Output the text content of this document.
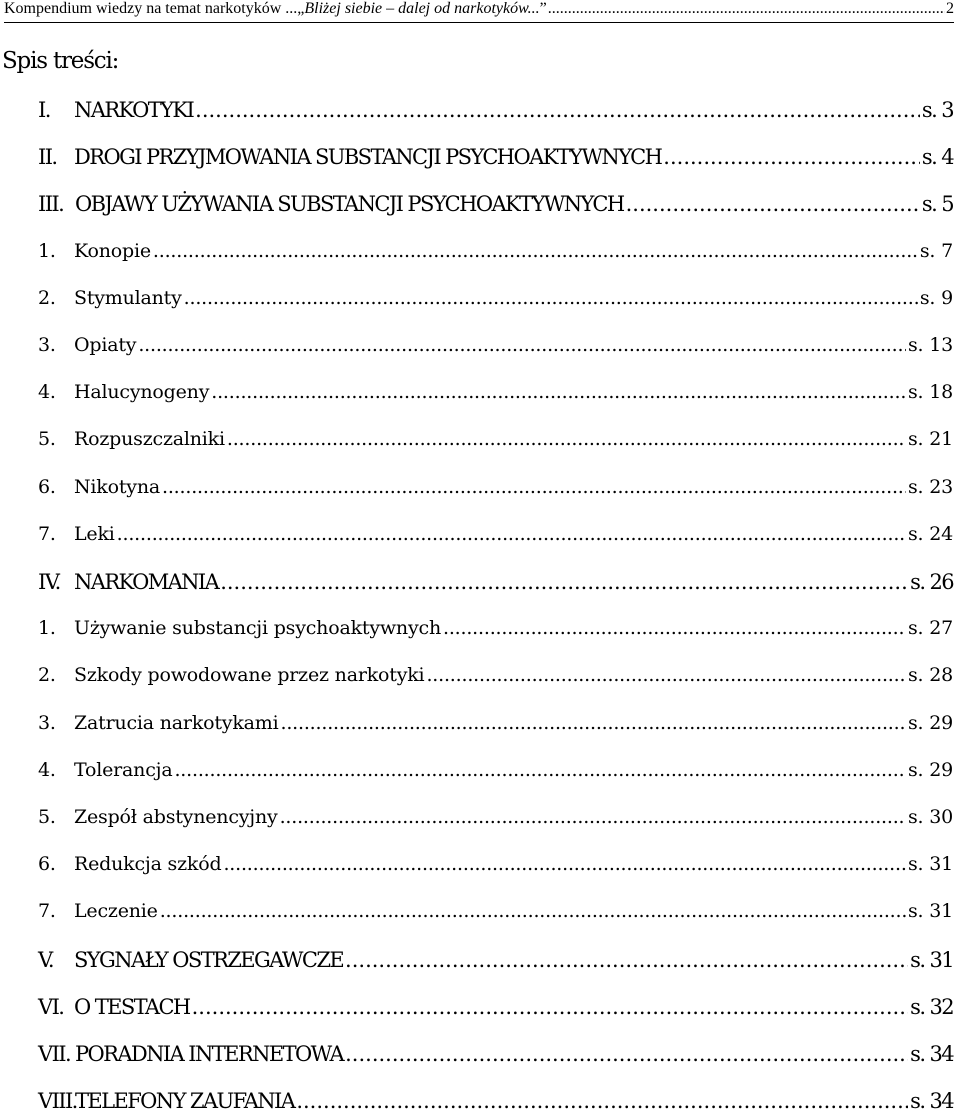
Kompendium wiedzy na temat narkotyków ...„ Bliżej siebie – dalej od narkotyków... ” .....	2
Spis treści:
I.	NARKOTYKI .....	s. 3
II. DROGI PRZYJMOWANIA SUBSTANCJI PSYCHOAKTYWNYCH .....	s. 4
III. OBJAWY UŻYWANIA SUBSTANCJI PSYCHOAKTYWNYCH .....	s. 5
1. Konopie .....	s. 7
2. Stymulanty .....	s. 9
3. Opiaty .....	s. 13
4. Halucynogeny .....	s. 18
5. Rozpuszczalniki .....	s. 21
6. Nikotyna .....	s. 23
7. Leki .....	s. 24
IV. NARKOMANIA .....	s. 26
1. Używanie substancji psychoaktywnych .....	s. 27
2. Szkody powodowane przez narkotyki .....	s. 28
3. Zatrucia narkotykami .....	s. 29
4. Tolerancja .....	s. 29
5. Zespół abstynencyjny .....	s. 30
6. Redukcja szkód .....	s. 31
7. Leczenie .....	s. 31
V.	SYGNAŁY OSTRZEGAWCZE .....	s. 31
VI. O TESTACH .....	s. 32
VII. PORADNIA INTERNETOWA .....	s. 34
VIII.
TELEFONY ZAUFANIA .....	s. 34
